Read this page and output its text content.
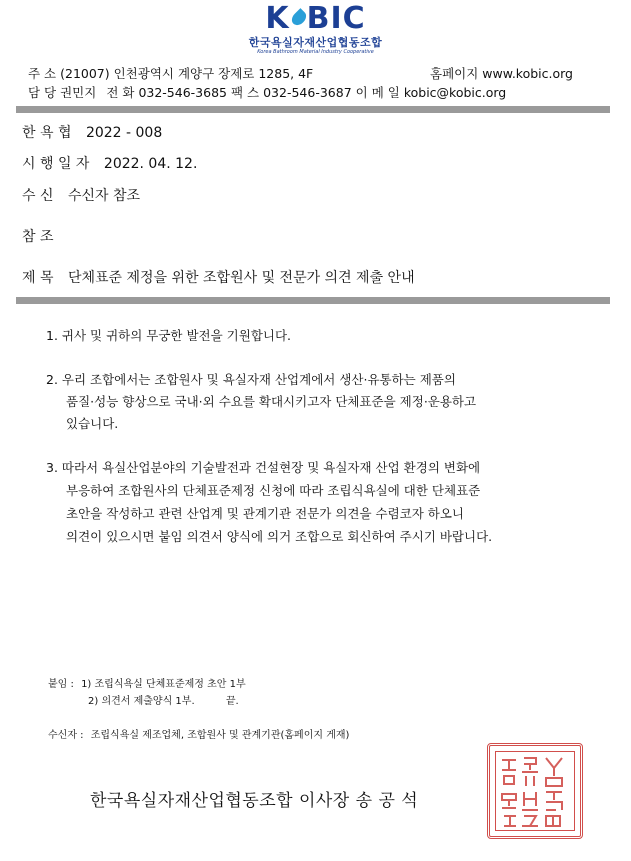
K BIC
한국욕실자재산업협동조합
Korea Bathroom Material Industry Cooperative
주 소 (21007) 인천광역시 계양구 장제로 1285, 4F	홈페이지 www.kobic.org
담 당 권민지 전 화 032-546-3685 팩 스 032-546-3687 이 메 일 kobic@kobic.org
한 욕 협 2022 - 008
시 행 일 자 2022. 04. 12.
수 신 수신자 참조
참 조
제 목 단체표준 제정을 위한 조합원사 및 전문가 의견 제출 안내
1. 귀사 및 귀하의 무궁한 발전을 기원합니다.
2. 우리 조합에서는 조합원사 및 욕실자재 산업계에서 생산·유통하는 제품의
품질·성능 향상으로 국내·외 수요를 확대시키고자 단체표준을 제정·운용하고
있습니다.
3. 따라서 욕실산업분야의 기술발전과 건설현장 및 욕실자재 산업 환경의 변화에
부응하여 조합원사의 단체표준제정 신청에 따라 조립식욕실에 대한 단체표준
초안을 작성하고 관련 산업계 및 관계기관 전문가 의견을 수렴코자 하오니
의견이 있으시면 붙임 의견서 양식에 의거 조합으로 회신하여 주시기 바랍니다.
붙임 : 1) 조립식욕실 단체표준제정 초안 1부
2) 의견서 제출양식 1부.	끝.
수신자 : 조립식욕실 제조업체, 조합원사 및 관계기관(홈페이지 게재)
한국욕실자재산업협동조합 이사장 송 공 석
